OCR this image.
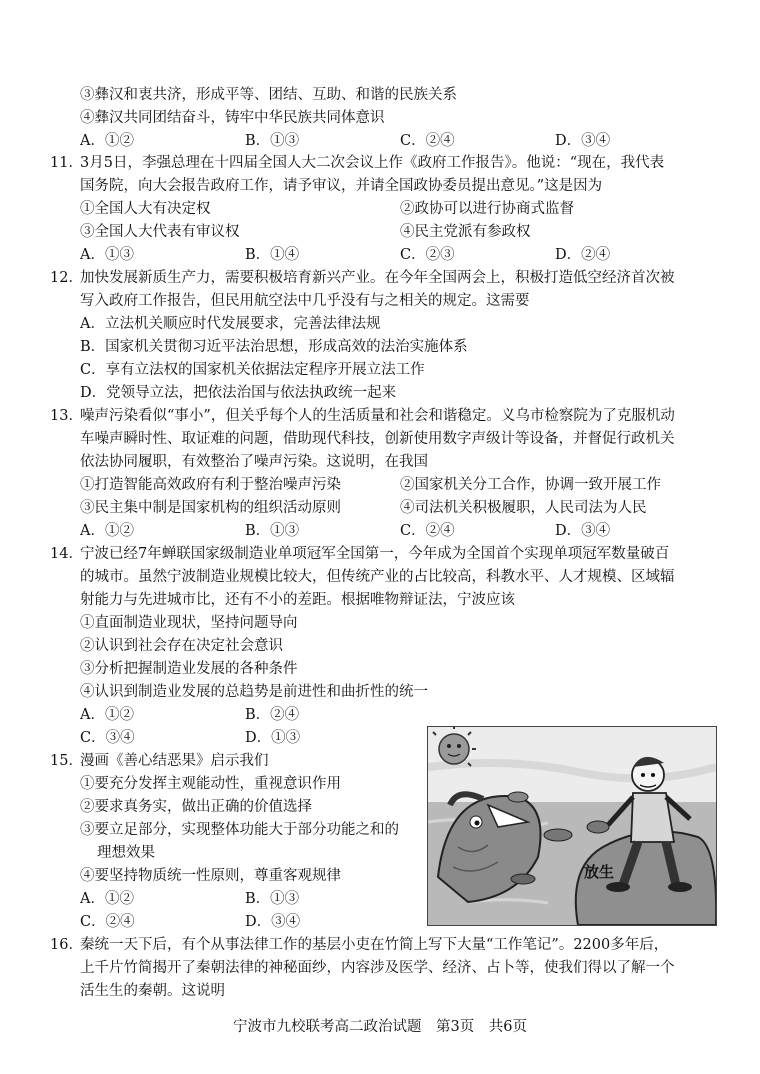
③彝汉和衷共济，形成平等、团结、互助、和谐的民族关系
④彝汉共同团结奋斗，铸牢中华民族共同体意识
A．①②	B．①③	C．②④	D．③④
11．
3月5日，李强总理在十四届全国人大二次会议上作《政府工作报告》。他说：“现在，我代表
国务院，向大会报告政府工作，请予审议，并请全国政协委员提出意见。”这是因为
①全国人大有决定权	②政协可以进行协商式监督
③全国人大代表有审议权	④民主党派有参政权
A．①③	B．①④	C．②③	D．②④
12．
加快发展新质生产力，需要积极培育新兴产业。在今年全国两会上，积极打造低空经济首次被
写入政府工作报告，但民用航空法中几乎没有与之相关的规定。这需要
A．立法机关顺应时代发展要求，完善法律法规
B．国家机关贯彻习近平法治思想，形成高效的法治实施体系
C．享有立法权的国家机关依据法定程序开展立法工作
D．党领导立法，把依法治国与依法执政统一起来
13．
噪声污染看似“事小”，但关乎每个人的生活质量和社会和谐稳定。义乌市检察院为了克服机动
车噪声瞬时性、取证难的问题，借助现代科技，创新使用数字声级计等设备，并督促行政机关
依法协同履职，有效整治了噪声污染。这说明，在我国
①打造智能高效政府有利于整治噪声污染	②国家机关分工合作，协调一致开展工作
③民主集中制是国家机构的组织活动原则	④司法机关积极履职，人民司法为人民
A．①②	B．①③	C．②④	D．③④
14．
宁波已经7年蝉联国家级制造业单项冠军全国第一，今年成为全国首个实现单项冠军数量破百
的城市。虽然宁波制造业规模比较大，但传统产业的占比较高，科教水平、人才规模、区域辐
射能力与先进城市比，还有不小的差距。根据唯物辩证法，宁波应该
①直面制造业现状，坚持问题导向
②认识到社会存在决定社会意识
③分析把握制造业发展的各种条件
④认识到制造业发展的总趋势是前进性和曲折性的统一
A．①②	B．②④
C．③④	D．①③
15．
漫画《善心结恶果》启示我们
①要充分发挥主观能动性，重视意识作用
②要求真务实，做出正确的价值选择
③要立足部分，实现整体功能大于部分功能之和的
理想效果
④要坚持物质统一性原则，尊重客观规律
A．①②	B．①③
C．②④	D．③④
放生
16．
秦统一天下后，有个从事法律工作的基层小吏在竹简上写下大量“工作笔记”。2200多年后，
上千片竹简揭开了秦朝法律的神秘面纱，内容涉及医学、经济、占卜等，使我们得以了解一个
活生生的秦朝。这说明
宁波市九校联考高二政治试题　第3页　共6页
